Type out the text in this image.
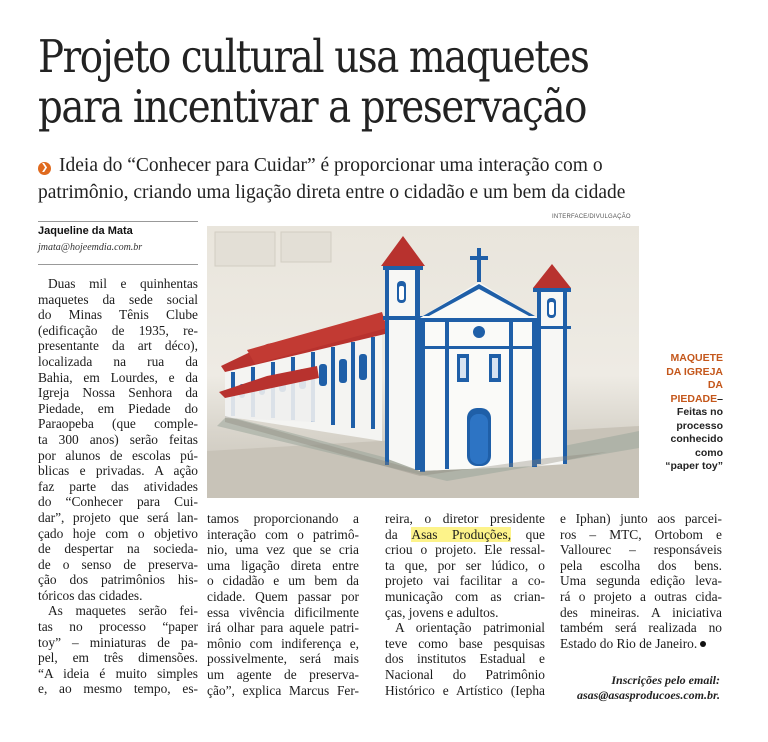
Projeto cultural usa maquetes
para incentivar a preservação
❯ Ideia do “Conhecer para Cuidar” é proporcionar uma interação com o
patrimônio, criando uma ligação direta entre o cidadão e um bem da cidade
Jaqueline da Mata
jmata@hojeemdia.com.br
INTERFACE/DIVULGAÇÃO
MAQUETE
DA IGREJA
DA
PIEDADE–
Feitas no
processo
conhecido
como
“paper toy”
Duas mil e quinhentas
maquetes da sede social
do Minas Tênis Clube
(edificação de 1935, re-
presentante da art déco),
localizada na rua da
Bahia, em Lourdes, e da
Igreja Nossa Senhora da
Piedade, em Piedade do
Paraopeba (que comple-
ta 300 anos) serão feitas
por alunos de escolas pú-
blicas e privadas. A ação
faz parte das atividades
do “Conhecer para Cui-
dar”, projeto que será lan-
çado hoje com o objetivo
de despertar na socieda-
de o senso de preserva-
ção dos patrimônios his-
tóricos das cidades.
As maquetes serão fei-
tas no processo “paper
toy” – miniaturas de pa-
pel, em três dimensões.
“A ideia é muito simples
e, ao mesmo tempo, es-
tamos proporcionando a
interação com o patrimô-
nio, uma vez que se cria
uma ligação direta entre
o cidadão e um bem da
cidade. Quem passar por
essa vivência dificilmente
irá olhar para aquele patri-
mônio com indiferença e,
possivelmente, será mais
um agente de preserva-
ção”, explica Marcus Fer-
reira, o diretor presidente
da Asas Produções, que
criou o projeto. Ele ressal-
ta que, por ser lúdico, o
projeto vai facilitar a co-
municação com as crian-
ças, jovens e adultos.
A orientação patrimonial
teve como base pesquisas
dos institutos Estadual e
Nacional do Patrimônio
Histórico e Artístico (Iepha
e Iphan) junto aos parcei-
ros – MTC, Ortobom e
Vallourec – responsáveis
pela escolha dos bens.
Uma segunda edição leva-
rá o projeto a outras cida-
des mineiras. A iniciativa
também será realizada no
Estado do Rio de Janeiro.
Inscrições pelo email:
asas@asasproducoes.com.br.
